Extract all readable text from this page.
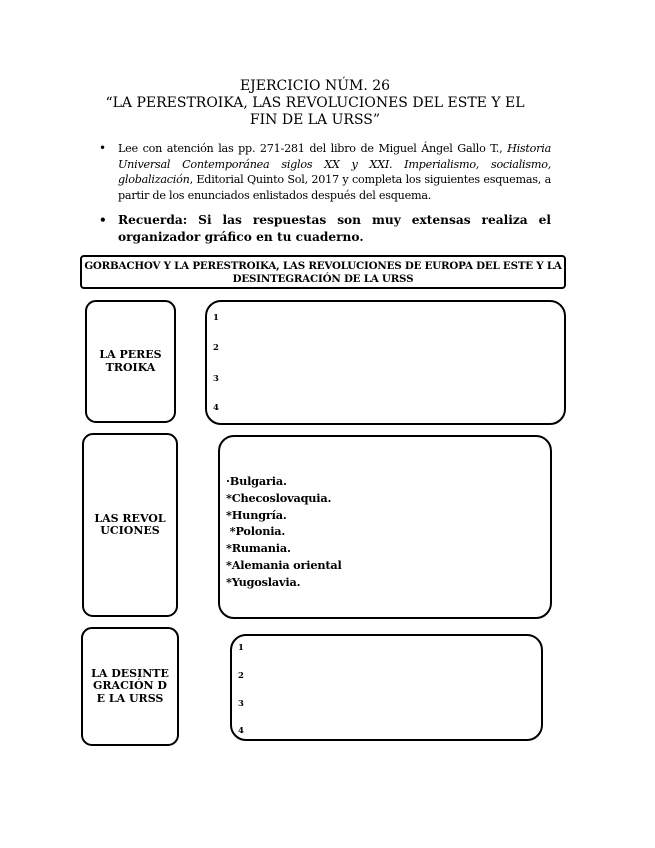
EJERCICIO NÚM. 26
“LA PERESTROIKA, LAS REVOLUCIONES DEL ESTE Y EL
FIN DE LA URSS”
• Lee con atención las pp. 271-281 del libro de Miguel Ángel Gallo T., Historia Universal Contemporánea siglos XX y XXI. Imperialismo, socialismo, globalización, Editorial Quinto Sol, 2017 y completa los siguientes esquemas, a partir de los enunciados enlistados después del esquema.
• Recuerda: Si las respuestas son muy extensas realiza el organizador gráfico en tu cuaderno.
GORBACHOV Y LA PERESTROIKA, LAS REVOLUCIONES DE EUROPA DEL ESTE Y LA DESINTEGRACIÓN DE LA URSS
LA PERESTROIKA
1
2
3
4
LAS REVOLUCIONES
·Bulgaria.
*Checoslovaquia.
*Hungría.
*Polonia.
*Rumania.
*Alemania oriental
*Yugoslavia.
LA DESINTEGRACIÓN DE LA URSS
1
2
3
4
